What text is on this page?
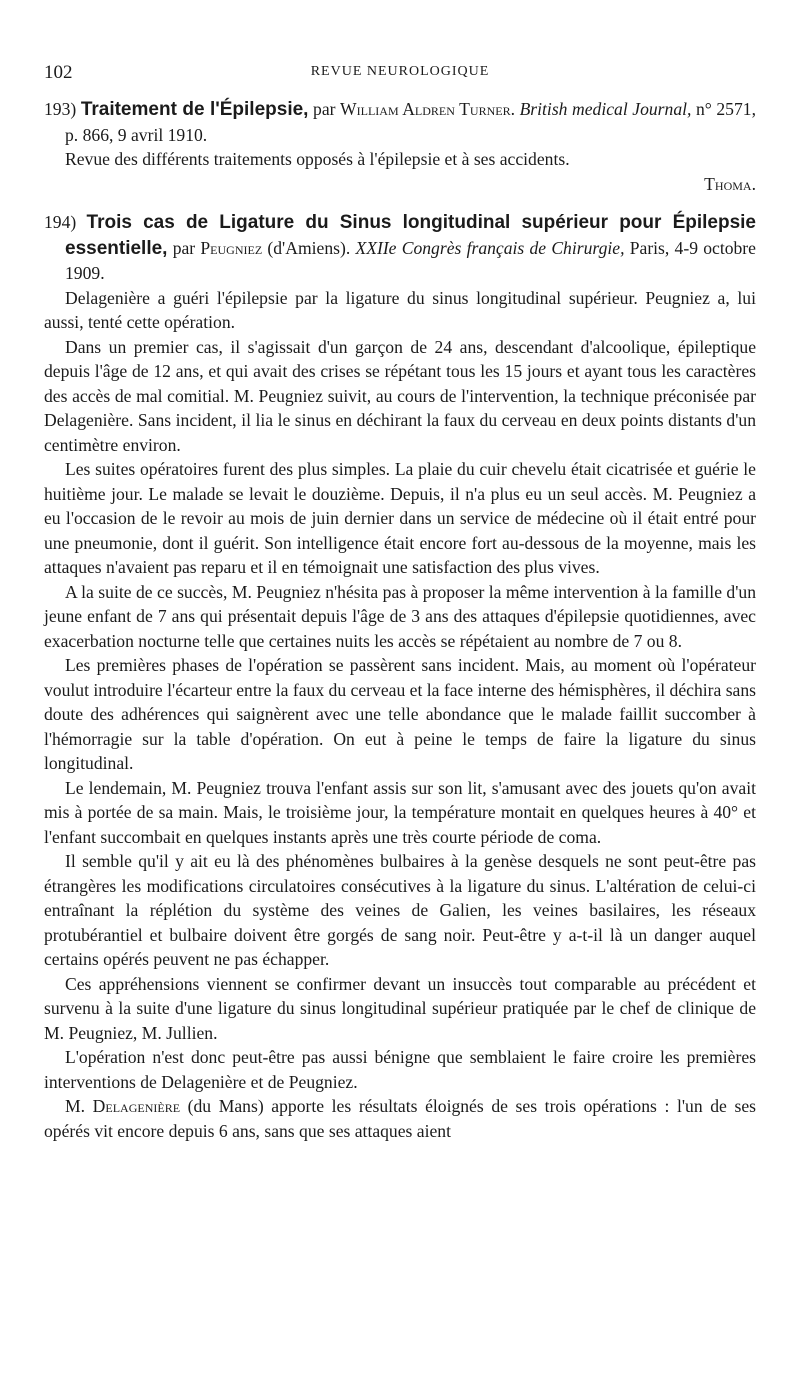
102	REVUE NEUROLOGIQUE

193) Traitement de l'Épilepsie, par William Aldren Turner. British medical Journal, n° 2571, p. 866, 9 avril 1910.

Revue des différents traitements opposés à l'épilepsie et à ses accidents.

Thoma.

194) Trois cas de Ligature du Sinus longitudinal supérieur pour Épilepsie essentielle, par Peugniez (d'Amiens). XXIIe Congrès français de Chirurgie, Paris, 4-9 octobre 1909.

Delagenière a guéri l'épilepsie par la ligature du sinus longitudinal supérieur. Peugniez a, lui aussi, tenté cette opération.

Dans un premier cas, il s'agissait d'un garçon de 24 ans, descendant d'alcoolique, épileptique depuis l'âge de 12 ans, et qui avait des crises se répétant tous les 15 jours et ayant tous les caractères des accès de mal comitial. M. Peugniez suivit, au cours de l'intervention, la technique préconisée par Delagenière. Sans incident, il lia le sinus en déchirant la faux du cerveau en deux points distants d'un centimètre environ.

Les suites opératoires furent des plus simples. La plaie du cuir chevelu était cicatrisée et guérie le huitième jour. Le malade se levait le douzième. Depuis, il n'a plus eu un seul accès. M. Peugniez a eu l'occasion de le revoir au mois de juin dernier dans un service de médecine où il était entré pour une pneumonie, dont il guérit. Son intelligence était encore fort au-dessous de la moyenne, mais les attaques n'avaient pas reparu et il en témoignait une satisfaction des plus vives.

A la suite de ce succès, M. Peugniez n'hésita pas à proposer la même intervention à la famille d'un jeune enfant de 7 ans qui présentait depuis l'âge de 3 ans des attaques d'épilepsie quotidiennes, avec exacerbation nocturne telle que certaines nuits les accès se répétaient au nombre de 7 ou 8.

Les premières phases de l'opération se passèrent sans incident. Mais, au moment où l'opérateur voulut introduire l'écarteur entre la faux du cerveau et la face interne des hémisphères, il déchira sans doute des adhérences qui saignèrent avec une telle abondance que le malade faillit succomber à l'hémorragie sur la table d'opération. On eut à peine le temps de faire la ligature du sinus longitudinal.

Le lendemain, M. Peugniez trouva l'enfant assis sur son lit, s'amusant avec des jouets qu'on avait mis à portée de sa main. Mais, le troisième jour, la température montait en quelques heures à 40° et l'enfant succombait en quelques instants après une très courte période de coma.

Il semble qu'il y ait eu là des phénomènes bulbaires à la genèse desquels ne sont peut-être pas étrangères les modifications circulatoires consécutives à la ligature du sinus. L'altération de celui-ci entraînant la réplétion du système des veines de Galien, les veines basilaires, les réseaux protubérantiel et bulbaire doivent être gorgés de sang noir. Peut-être y a-t-il là un danger auquel certains opérés peuvent ne pas échapper.

Ces appréhensions viennent se confirmer devant un insuccès tout comparable au précédent et survenu à la suite d'une ligature du sinus longitudinal supérieur pratiquée par le chef de clinique de M. Peugniez, M. Jullien.

L'opération n'est donc peut-être pas aussi bénigne que semblaient le faire croire les premières interventions de Delagenière et de Peugniez.

M. Delagenière (du Mans) apporte les résultats éloignés de ses trois opérations : l'un de ses opérés vit encore depuis 6 ans, sans que ses attaques aient
